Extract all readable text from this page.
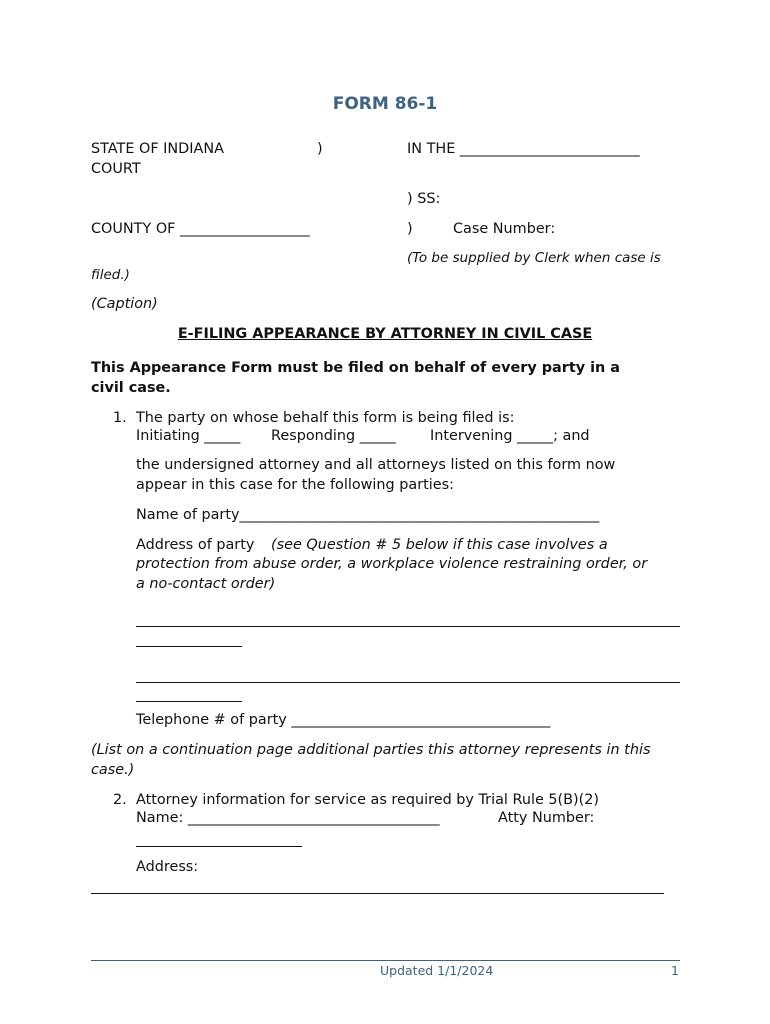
FORM 86-1
STATE OF INDIANA	)	IN THE _________________________
COURT
) SS:
COUNTY OF __________________	)	Case Number:
(To be supplied by Clerk when case is
filed.)
(Caption)
E-FILING APPEARANCE BY ATTORNEY IN CIVIL CASE
This Appearance Form must be filed on behalf of every party in a
civil case.
1. The party on whose behalf this form is being filed is:
Initiating _____ Responding _____ Intervening _____; and
the undersigned attorney and all attorneys listed on this form now
appear in this case for the following parties:
Name of party__________________________________________________
Address of party (see Question # 5 below if this case involves a
protection from abuse order, a workplace violence restraining order, or
a no-contact order)
Telephone # of party ____________________________________
(List on a continuation page additional parties this attorney represents in this
case.)
2. Attorney information for service as required by Trial Rule 5(B)(2)
Name: ___________________________________	Atty Number:
Address:
Updated 1/1/2024	1
